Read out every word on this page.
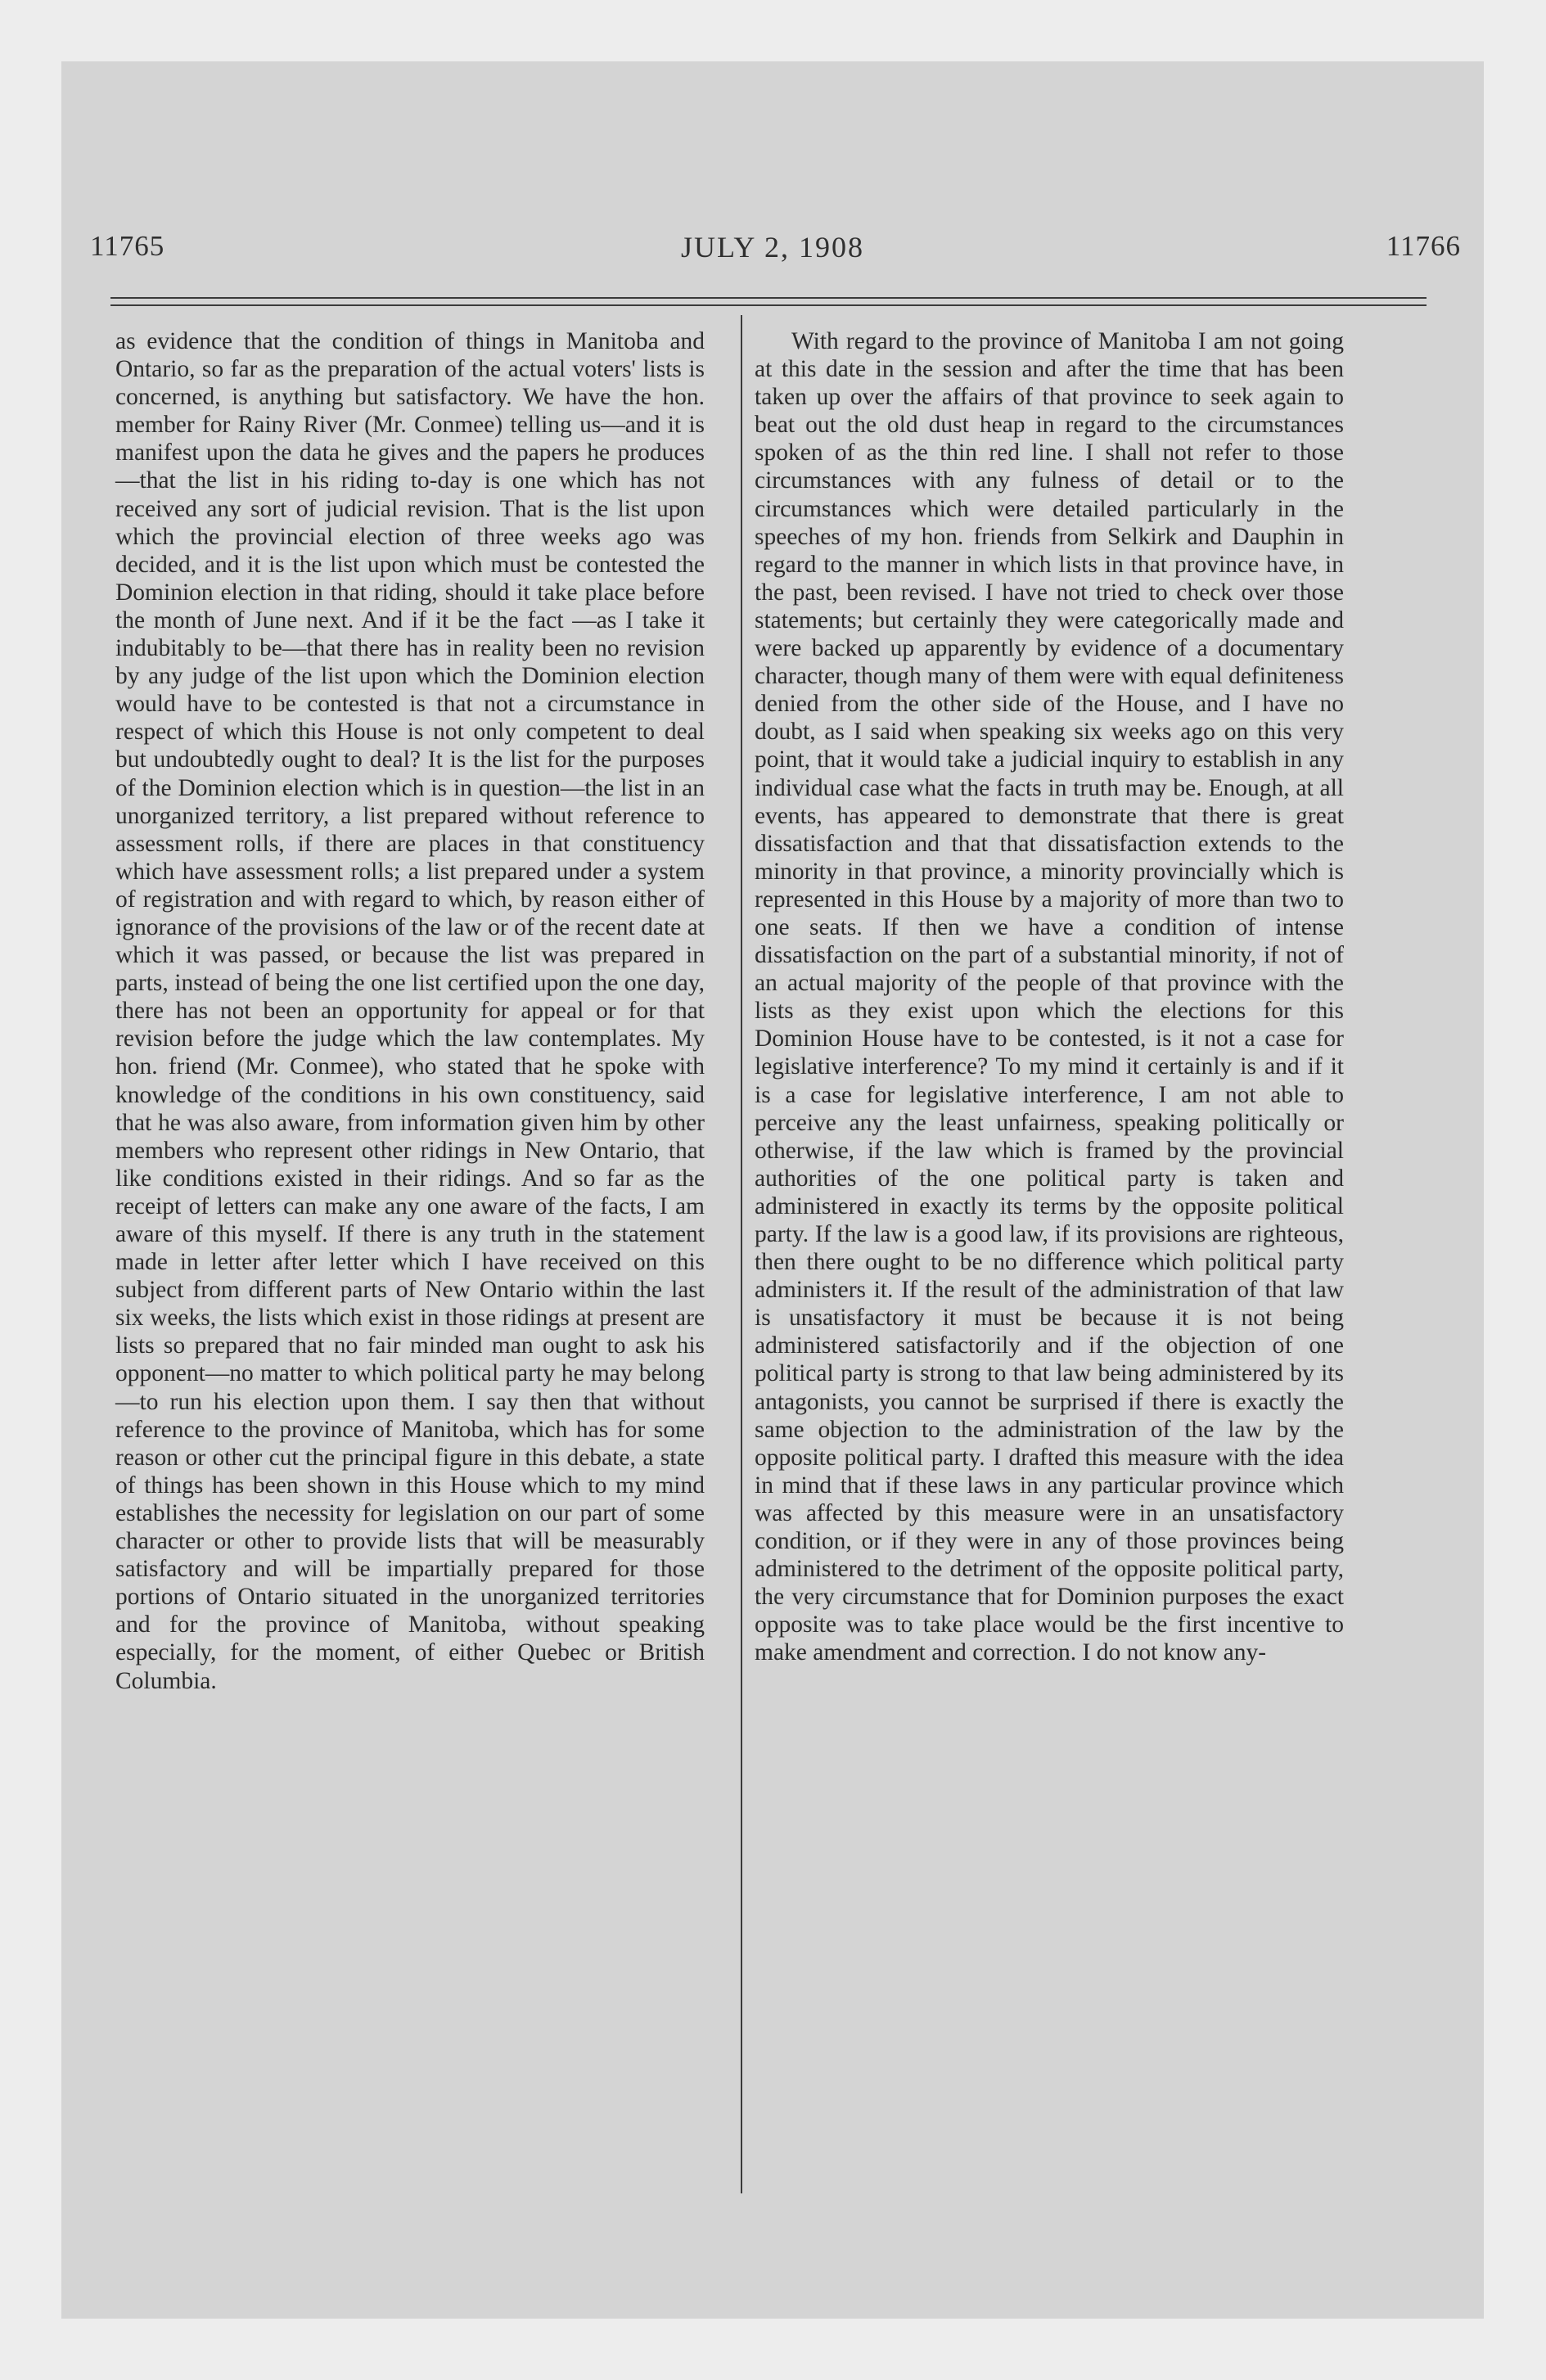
11765	JULY 2, 1908	11766

as evidence that the condition of things in Manitoba and Ontario, so far as the preparation of the actual voters' lists is concerned, is anything but satisfactory. We have the hon. member for Rainy River (Mr. Conmee) telling us—and it is manifest upon the data he gives and the papers he produces—that the list in his riding to-day is one which has not received any sort of judicial revision. That is the list upon which the provincial election of three weeks ago was decided, and it is the list upon which must be contested the Dominion election in that riding, should it take place before the month of June next. And if it be the fact —as I take it indubitably to be—that there has in reality been no revision by any judge of the list upon which the Dominion election would have to be contested is that not a circumstance in respect of which this House is not only competent to deal but undoubtedly ought to deal? It is the list for the purposes of the Dominion election which is in question—the list in an unorganized territory, a list prepared without reference to assessment rolls, if there are places in that constituency which have assessment rolls; a list prepared under a system of registration and with regard to which, by reason either of ignorance of the provisions of the law or of the recent date at which it was passed, or because the list was prepared in parts, instead of being the one list certified upon the one day, there has not been an opportunity for appeal or for that revision before the judge which the law contemplates. My hon. friend (Mr. Conmee), who stated that he spoke with knowledge of the conditions in his own constituency, said that he was also aware, from information given him by other members who represent other ridings in New Ontario, that like conditions existed in their ridings. And so far as the receipt of letters can make any one aware of the facts, I am aware of this myself. If there is any truth in the statement made in letter after letter which I have received on this subject from different parts of New Ontario within the last six weeks, the lists which exist in those ridings at present are lists so prepared that no fair minded man ought to ask his opponent—no matter to which political party he may belong—to run his election upon them. I say then that without reference to the province of Manitoba, which has for some reason or other cut the principal figure in this debate, a state of things has been shown in this House which to my mind establishes the necessity for legislation on our part of some character or other to provide lists that will be measurably satisfactory and will be impartially prepared for those portions of Ontario situated in the unorganized territories and for the province of Manitoba, without speaking especially, for the moment, of either Quebec or British Columbia.

With regard to the province of Manitoba I am not going at this date in the session and after the time that has been taken up over the affairs of that province to seek again to beat out the old dust heap in regard to the circumstances spoken of as the thin red line. I shall not refer to those circumstances with any fulness of detail or to the circumstances which were detailed particularly in the speeches of my hon. friends from Selkirk and Dauphin in regard to the manner in which lists in that province have, in the past, been revised. I have not tried to check over those statements; but certainly they were categorically made and were backed up apparently by evidence of a documentary character, though many of them were with equal definiteness denied from the other side of the House, and I have no doubt, as I said when speaking six weeks ago on this very point, that it would take a judicial inquiry to establish in any individual case what the facts in truth may be. Enough, at all events, has appeared to demonstrate that there is great dissatisfaction and that that dissatisfaction extends to the minority in that province, a minority provincially which is represented in this House by a majority of more than two to one seats. If then we have a condition of intense dissatisfaction on the part of a substantial minority, if not of an actual majority of the people of that province with the lists as they exist upon which the elections for this Dominion House have to be contested, is it not a case for legislative interference? To my mind it certainly is and if it is a case for legislative interference, I am not able to perceive any the least unfairness, speaking politically or otherwise, if the law which is framed by the provincial authorities of the one political party is taken and administered in exactly its terms by the opposite political party. If the law is a good law, if its provisions are righteous, then there ought to be no difference which political party administers it. If the result of the administration of that law is unsatisfactory it must be because it is not being administered satisfactorily and if the objection of one political party is strong to that law being administered by its antagonists, you cannot be surprised if there is exactly the same objection to the administration of the law by the opposite political party. I drafted this measure with the idea in mind that if these laws in any particular province which was affected by this measure were in an unsatisfactory condition, or if they were in any of those provinces being administered to the detriment of the opposite political party, the very circumstance that for Dominion purposes the exact opposite was to take place would be the first incentive to make amendment and correction. I do not know any-
